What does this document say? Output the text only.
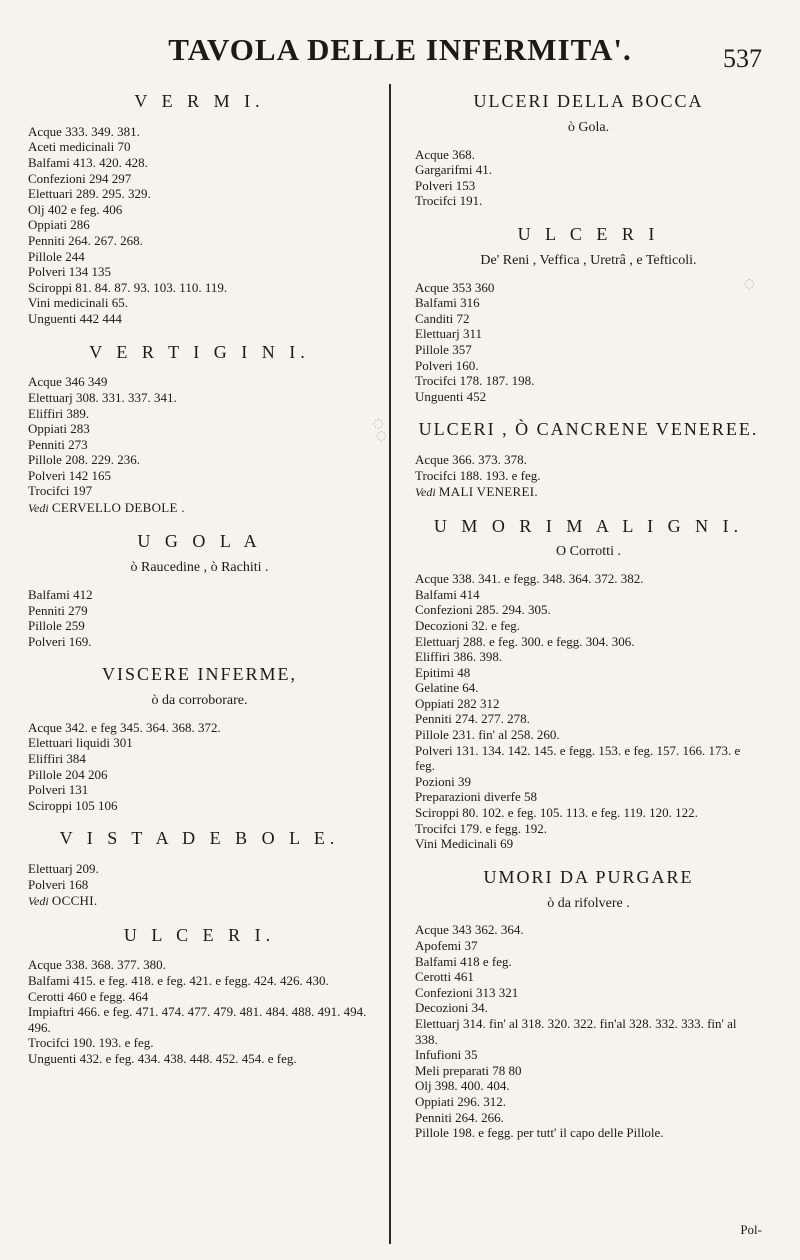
TAVOLA DELLE INFERMITA'.	537
V E R M I.

Acque 333. 349. 381.

Aceti medicinali 70

Balfami 413. 420. 428.

Confezioni 294 297

Elettuari 289. 295. 329.

Olj 402 e feg. 406

Oppiati 286

Penniti 264. 267. 268.

Pillole 244

Polveri 134 135

Sciroppi 81. 84. 87. 93. 103. 110. 119.

Vini medicinali 65.

Unguenti 442 444

V E R T I G I N I.

Acque 346 349

Elettuarj 308. 331. 337. 341.

Eliffiri 389.

Oppiati 283

Penniti 273

Pillole 208. 229. 236.

Polveri 142 165

Trocifci 197

Vedi CERVELLO DEBOLE .
U G O L A
ò Raucedine , ò Rachiti .

Balfami 412

Penniti 279

Pillole 259

Polveri 169.

VISCERE INFERME,
ò da corroborare.

Acque 342. e feg 345. 364. 368. 372.

Elettuari liquidi 301

Eliffiri 384

Pillole 204 206

Polveri 131

Sciroppi 105 106

V I S T A D E B O L E.

Elettuarj 209.

Polveri 168

Vedi OCCHI.
U L C E R I.

Acque 338. 368. 377. 380.

Balfami 415. e feg. 418. e feg. 421. e fegg. 424. 426. 430.

Cerotti 460 e fegg. 464

Impiaftri 466. e feg. 471. 474. 477. 479. 481. 484. 488. 491. 494. 496.

Trocifci 190. 193. e feg.

Unguenti 432. e feg. 434. 438. 448. 452. 454. e feg.

◌
◌
ULCERI DELLA BOCCA
ò Gola.

Acque 368.

Gargarifmi 41.

Polveri 153

Trocifci 191.

U L C E R I
De' Reni , Veffica , Uretrâ , e Tefticoli.

Acque 353 360

Balfami 316

Canditi 72

Elettuarj 311

Pillole 357

Polveri 160.

Trocifci 178. 187. 198.

Unguenti 452

ULCERI , Ò CANCRENE VENEREE.

Acque 366. 373. 378.

Trocifci 188. 193. e feg.

Vedi MALI VENEREI.
U M O R I M A L I G N I.
O Corrotti .

Acque 338. 341. e fegg. 348. 364. 372. 382.

Balfami 414

Confezioni 285. 294. 305.

Decozioni 32. e feg.

Elettuarj 288. e feg. 300. e fegg. 304. 306.

Eliffiri 386. 398.

Epitimi 48

Gelatine 64.

Oppiati 282 312

Penniti 274. 277. 278.

Pillole 231. fin' al 258. 260.

Polveri 131. 134. 142. 145. e fegg. 153. e feg. 157. 166. 173. e feg.

Pozioni 39

Preparazioni diverfe 58

Sciroppi 80. 102. e feg. 105. 113. e feg. 119. 120. 122.

Trocifci 179. e fegg. 192.

Vini Medicinali 69

UMORI DA PURGARE
ò da rifolvere .

Acque 343 362. 364.

Apofemi 37

Balfami 418 e feg.

Cerotti 461

Confezioni 313 321

Decozioni 34.

Elettuarj 314. fin' al 318. 320. 322. fin'al 328. 332. 333. fin' al 338.

Infufioni 35

Meli preparati 78 80

Olj 398. 400. 404.

Oppiati 296. 312.

Penniti 264. 266.

Pillole 198. e fegg. per tutt' il capo delle Pillole.

Pol-
◌
